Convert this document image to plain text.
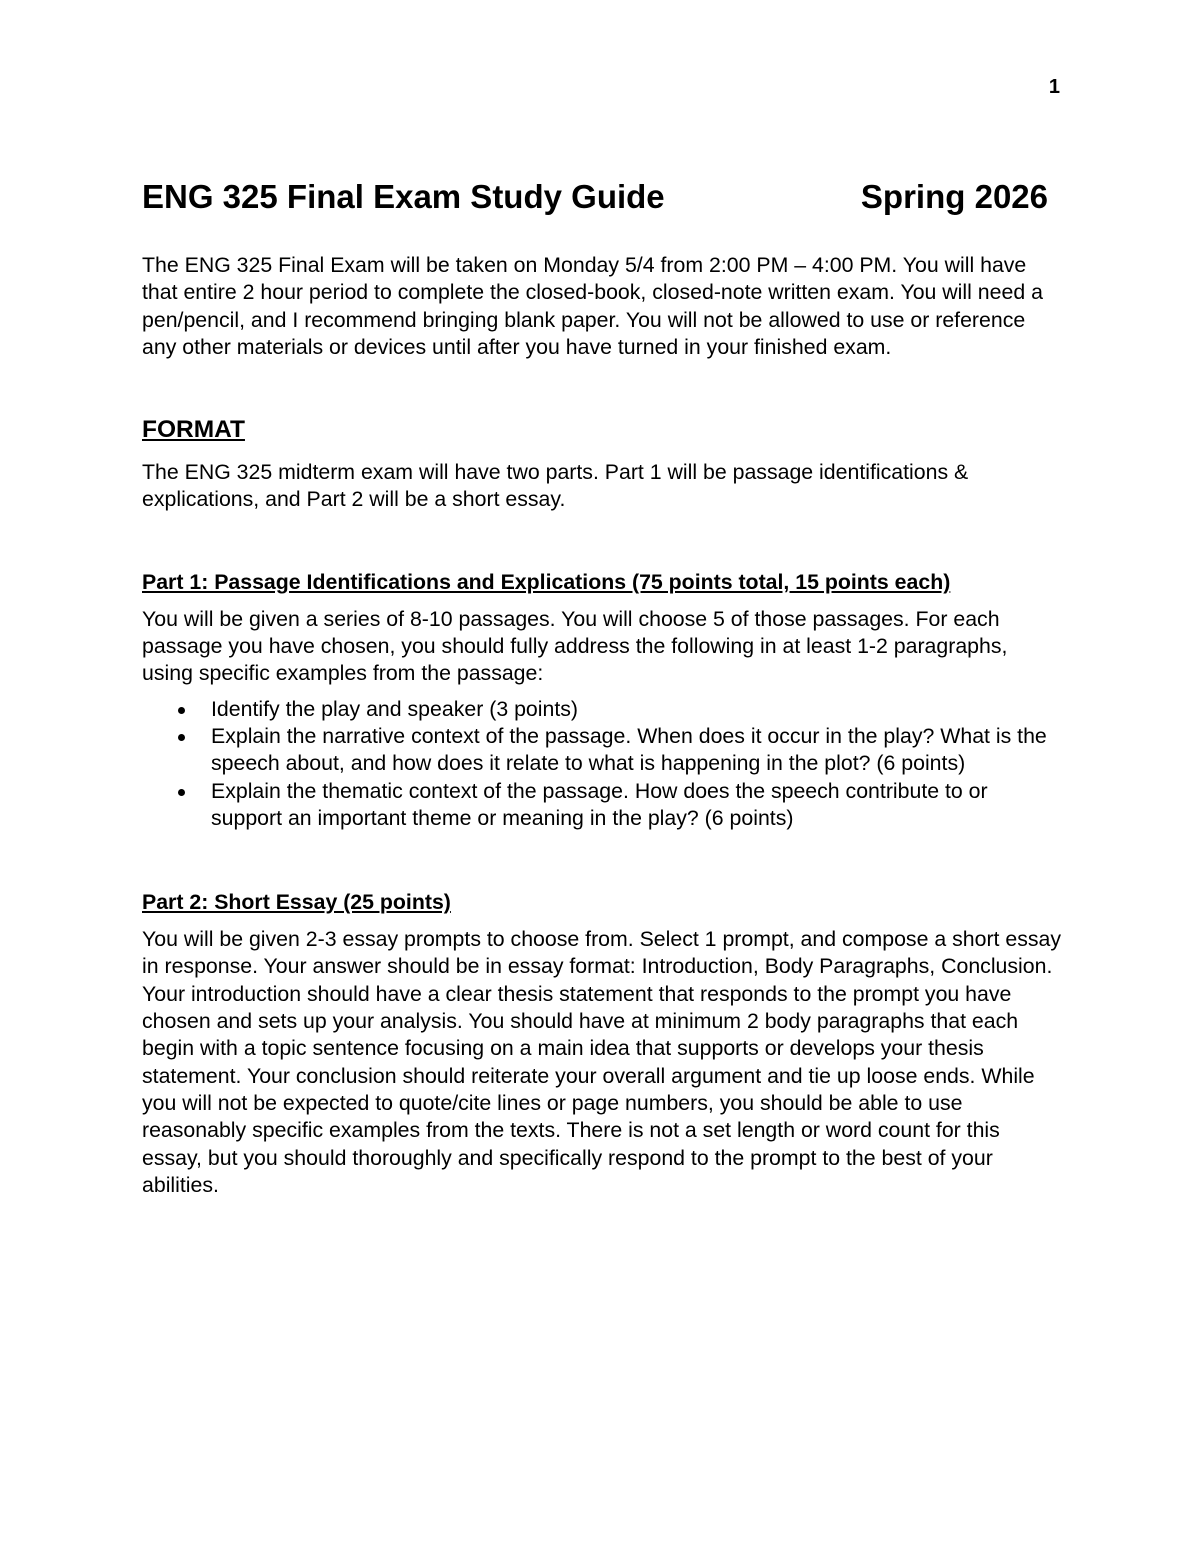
1
ENG 325 Final Exam Study Guide	Spring 2026

The ENG 325 Final Exam will be taken on Monday 5/4 from 2:00 PM – 4:00 PM. You will have that entire 2 hour period to complete the closed-book, closed-note written exam. You will need a pen/pencil, and I recommend bringing blank paper. You will not be allowed to use or reference any other materials or devices until after you have turned in your finished exam.

FORMAT

The ENG 325 midterm exam will have two parts. Part 1 will be passage identifications & explications, and Part 2 will be a short essay.

Part 1: Passage Identifications and Explications (75 points total, 15 points each)

You will be given a series of 8-10 passages. You will choose 5 of those passages. For each passage you have chosen, you should fully address the following in at least 1-2 paragraphs, using specific examples from the passage:

Identify the play and speaker (3 points)
Explain the narrative context of the passage. When does it occur in the play? What is the speech about, and how does it relate to what is happening in the plot? (6 points)
Explain the thematic context of the passage. How does the speech contribute to or support an important theme or meaning in the play? (6 points)
Part 2: Short Essay (25 points)

You will be given 2-3 essay prompts to choose from. Select 1 prompt, and compose a short essay in response. Your answer should be in essay format: Introduction, Body Paragraphs, Conclusion. Your introduction should have a clear thesis statement that responds to the prompt you have chosen and sets up your analysis. You should have at minimum 2 body paragraphs that each begin with a topic sentence focusing on a main idea that supports or develops your thesis statement. Your conclusion should reiterate your overall argument and tie up loose ends. While you will not be expected to quote/cite lines or page numbers, you should be able to use reasonably specific examples from the texts. There is not a set length or word count for this essay, but you should thoroughly and specifically respond to the prompt to the best of your abilities.
